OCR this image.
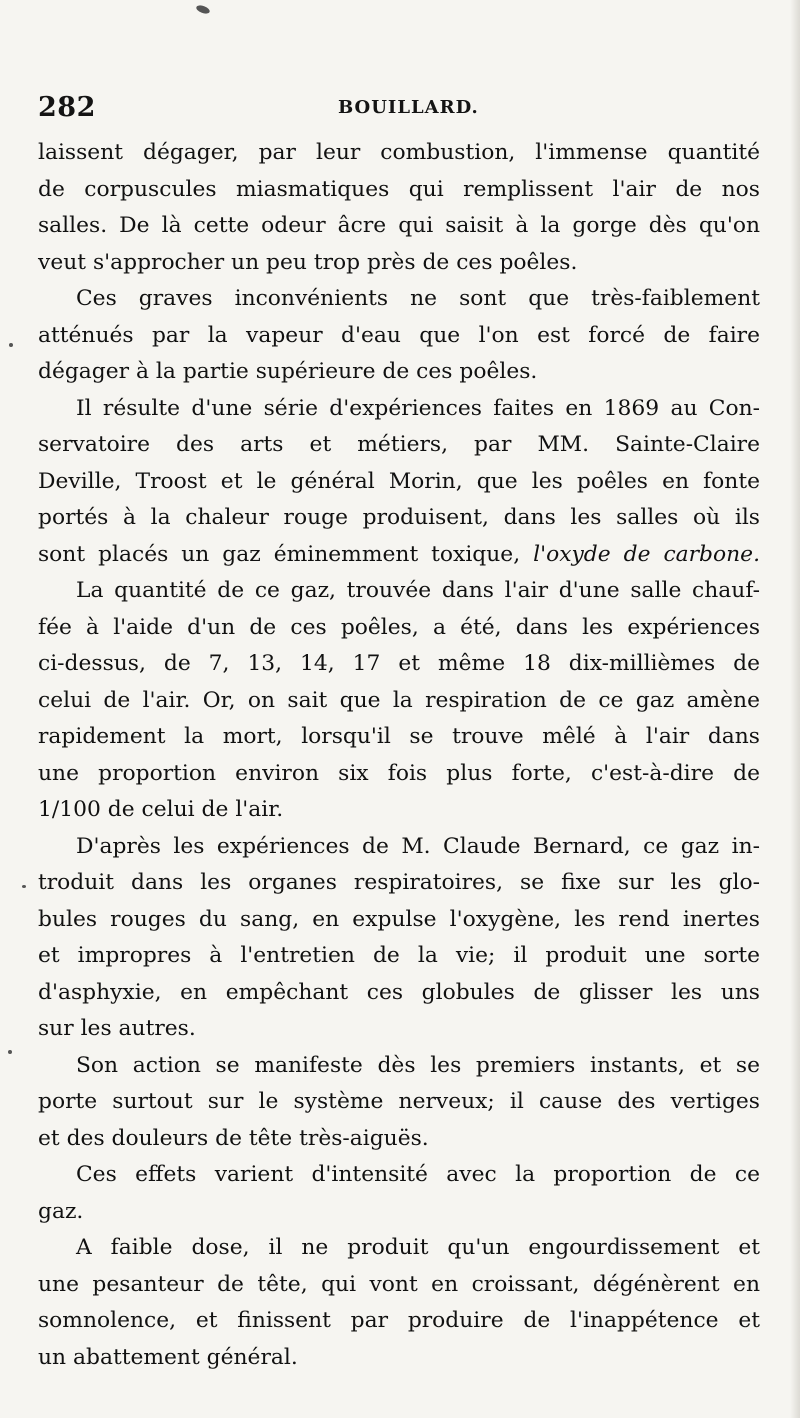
282	BOUILLARD.

laissent dégager, par leur combustion, l'immense quantité
de corpuscules miasmatiques qui remplissent l'air de nos
salles. De là cette odeur âcre qui saisit à la gorge dès qu'on
veut s'approcher un peu trop près de ces poêles.

Ces graves inconvénients ne sont que très-faiblement
atténués par la vapeur d'eau que l'on est forcé de faire
dégager à la partie supérieure de ces poêles.

Il résulte d'une série d'expériences faites en 1869 au Con-
servatoire des arts et métiers, par MM. Sainte-Claire
Deville, Troost et le général Morin, que les poêles en fonte
portés à la chaleur rouge produisent, dans les salles où ils
sont placés un gaz éminemment toxique, l'oxyde de carbone.

La quantité de ce gaz, trouvée dans l'air d'une salle chauf-
fée à l'aide d'un de ces poêles, a été, dans les expériences
ci-dessus, de 7, 13, 14, 17 et même 18 dix-millièmes de
celui de l'air. Or, on sait que la respiration de ce gaz amène
rapidement la mort, lorsqu'il se trouve mêlé à l'air dans
une proportion environ six fois plus forte, c'est-à-dire de
1/100 de celui de l'air.

D'après les expériences de M. Claude Bernard, ce gaz in-
troduit dans les organes respiratoires, se fixe sur les glo-
bules rouges du sang, en expulse l'oxygène, les rend inertes
et impropres à l'entretien de la vie; il produit une sorte
d'asphyxie, en empêchant ces globules de glisser les uns
sur les autres.

Son action se manifeste dès les premiers instants, et se
porte surtout sur le système nerveux; il cause des vertiges
et des douleurs de tête très-aiguës.

Ces effets varient d'intensité avec la proportion de ce
gaz.

A faible dose, il ne produit qu'un engourdissement et
une pesanteur de tête, qui vont en croissant, dégénèrent en
somnolence, et finissent par produire de l'inappétence et
un abattement général.
